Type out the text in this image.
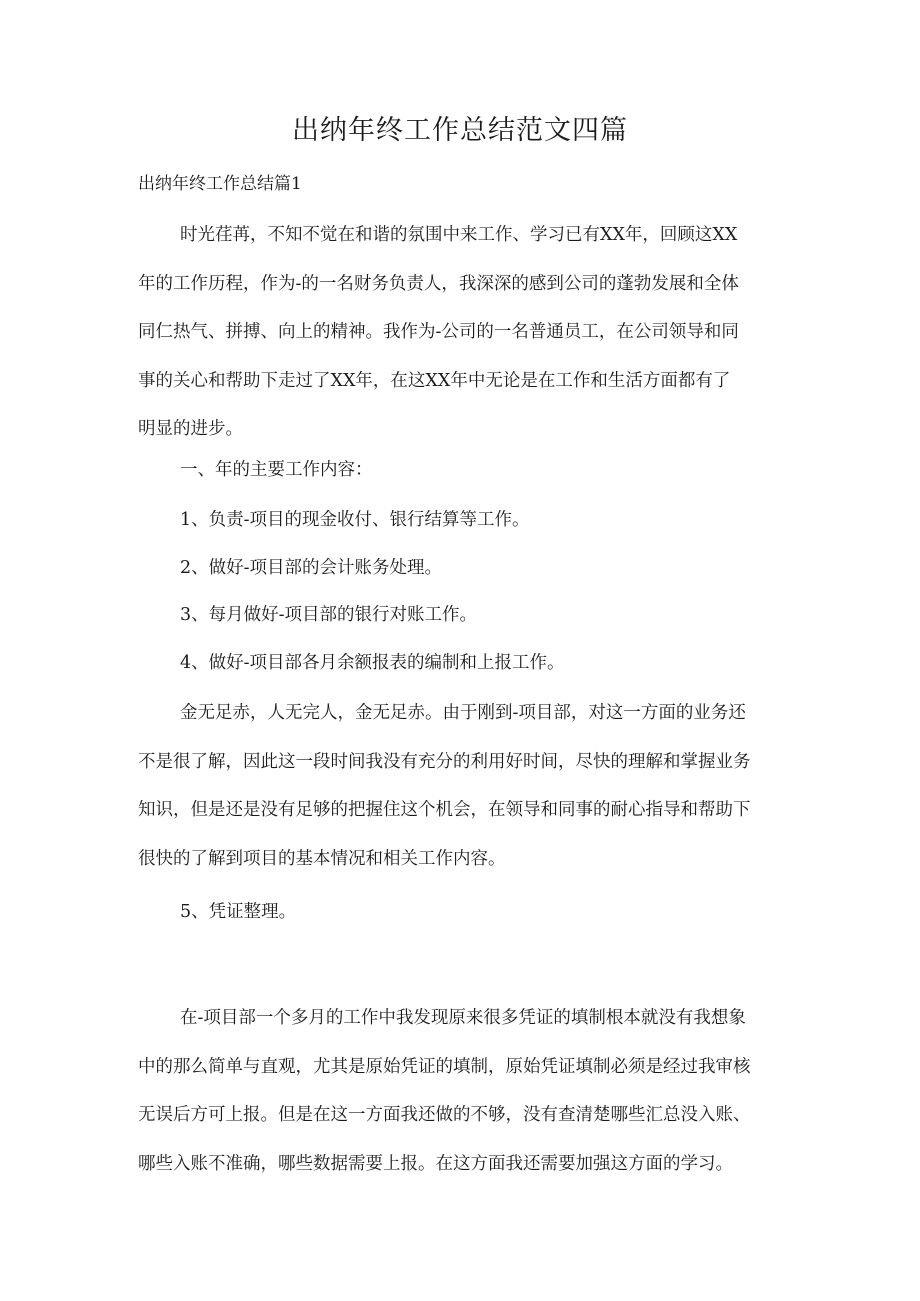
出纳年终工作总结范文四篇

出纳年终工作总结篇1

时光荏苒，不知不觉在和谐的氛围中来工作、学习已有XX年，回顾这XX
年的工作历程，作为-的一名财务负责人，我深深的感到公司的蓬勃发展和全体
同仁热气、拼搏、向上的精神。我作为-公司的一名普通员工，在公司领导和同
事的关心和帮助下走过了XX年，在这XX年中无论是在工作和生活方面都有了
明显的进步。

一、年的主要工作内容：

1、负责-项目的现金收付、银行结算等工作。

2、做好-项目部的会计账务处理。

3、每月做好-项目部的银行对账工作。

4、做好-项目部各月余额报表的编制和上报工作。

金无足赤，人无完人，金无足赤。由于刚到-项目部，对这一方面的业务还
不是很了解，因此这一段时间我没有充分的利用好时间，尽快的理解和掌握业务
知识，但是还是没有足够的把握住这个机会，在领导和同事的耐心指导和帮助下
很快的了解到项目的基本情况和相关工作内容。

5、凭证整理。

在-项目部一个多月的工作中我发现原来很多凭证的填制根本就没有我想象
中的那么简单与直观，尤其是原始凭证的填制，原始凭证填制必须是经过我审核
无误后方可上报。但是在这一方面我还做的不够，没有查清楚哪些汇总没入账、
哪些入账不准确，哪些数据需要上报。在这方面我还需要加强这方面的学习。
